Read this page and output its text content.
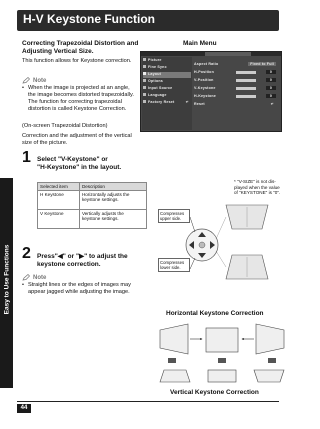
H-V Keystone Function
Easy to Use Functions
Correcting Trapezoidal Distortion and
Adjusting Vertical Size.
This function allows for Keystone correction.
Note
• When the image is projected at an angle,
the image becomes distorted trapezoidally.
The function for correcting trapezoidal
distortion is called Keystone Correction.
(On-screen Trapezoidal Distortion)
Correction and the adjustment of the vertical
size of the picture.
1 Select "V-Keystone" or
"H-Keystone" in the layout.
Selected item	Description
H Keystone	Horizontally adjusts the
keystone settings.

V Keystone	Vertically adjusts the
keystone settings.
2 Press"◀" or "▶" to adjust the
keystone correction.
Note
• Straight lines or the edges of images may
appear jagged while adjusting the image.
Main Menu
Picture
Fine Sync
Layout
Options
Input Source
Language
Factory Reset	↵
Aspect Ratio	Fixed to Full
H-Position	0
V-Position	0
V-Keystone	0
H-Keystone	0
Reset	↵
Compresses upper side.
Compresses lower side.
* "V-SIZE" is not dis-
played when the value
of "KEYSTONE" is "0".
Horizontal Keystone Correction
Vertical Keystone Correction
44
